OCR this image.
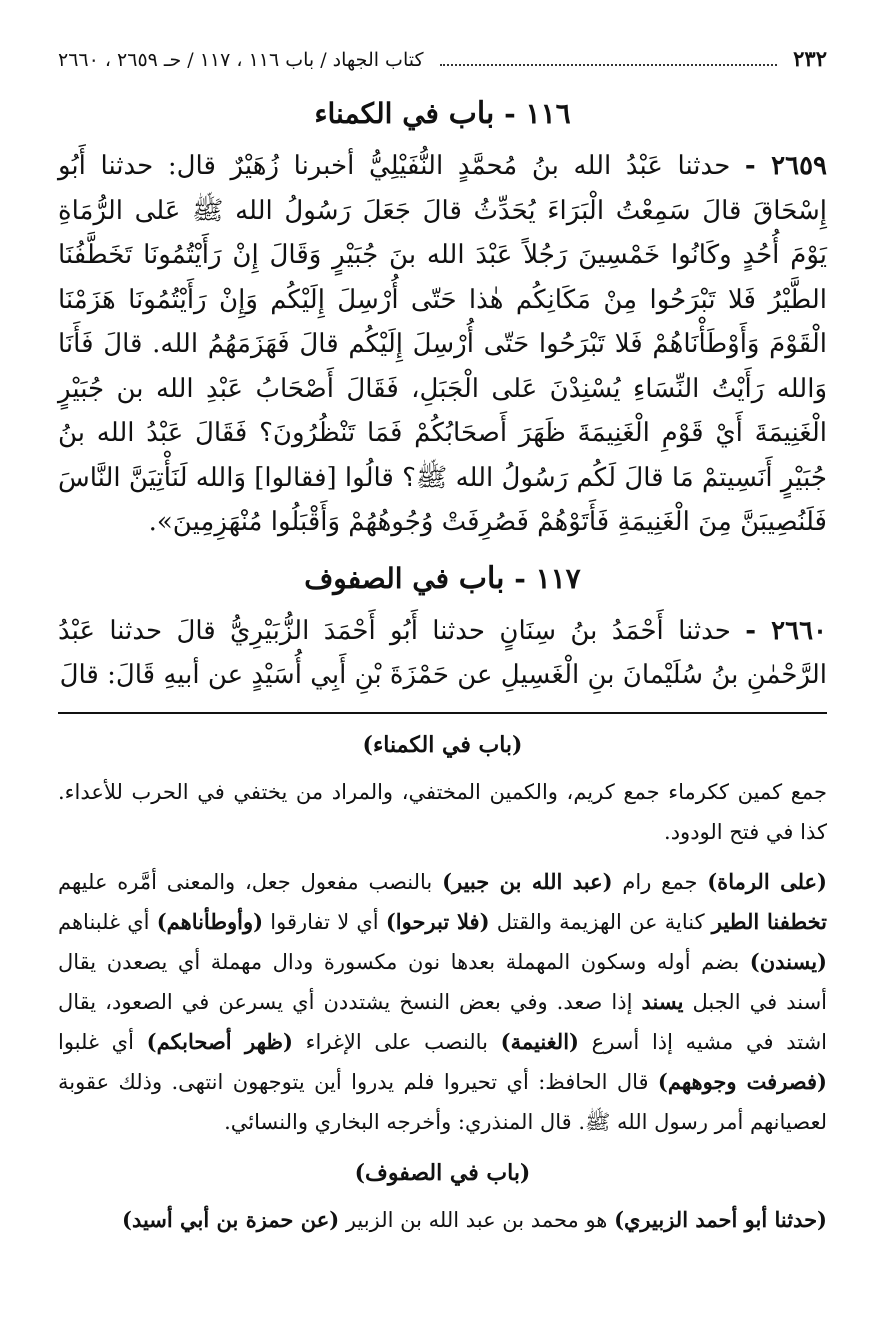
٢٣٢
كتاب الجهاد / باب ١١٦ ، ١١٧ / حـ ٢٦٥٩ ، ٢٦٦٠
١١٦ - باب في الكمناء

٢٦٥٩ - حدثنا عَبْدُ الله بنُ مُحمَّدٍ النُّفَيْلِيُّ أخبرنا زُهَيْرٌ قال: حدثنا أَبُو إِسْحَاقَ قالَ سَمِعْتُ الْبَرَاءَ يُحَدِّثُ قالَ جَعَلَ رَسُولُ الله ﷺ عَلى الرُّمَاةِ يَوْمَ أُحُدٍ وكَانُوا خَمْسِينَ رَجُلاً عَبْدَ الله بنَ جُبَيْرٍ وَقَالَ إِنْ رَأَيْتُمُونَا تَخَطَّفُنَا الطَّيْرُ فَلا تَبْرَحُوا مِنْ مَكَانِكُم هٰذا حَتّى أُرْسِلَ إِلَيْكُم وَإِنْ رَأَيْتُمُونَا هَزَمْنَا الْقَوْمَ وَأَوْطَأْنَاهُمْ فَلا تَبْرَحُوا حَتّى أُرْسِلَ إِلَيْكُم قالَ فَهَزَمَهُمُ الله. قالَ فَأَنَا وَالله رَأَيْتُ النِّسَاءِ يُسْنِدْنَ عَلى الْجَبَلِ، فَقَالَ أَصْحَابُ عَبْدِ الله بن جُبَيْرٍ الْغَنِيمَةَ أَيْ قَوْمِ الْغَنِيمَةَ ظَهَرَ أَصحَابُكُمْ فَمَا تَنْظُرُونَ؟ فَقَالَ عَبْدُ الله بنُ جُبَيْرٍ أَنَسِيتمْ مَا قالَ لَكُم رَسُولُ الله ﷺ؟ قالُوا [فقالوا] وَالله لَنَأْتِيَنَّ النَّاسَ فَلَنُصِيبَنَّ مِنَ الْغَنِيمَةِ فَأَتَوْهُمْ فَصُرِفَتْ وُجُوهُهُمْ وَأَقْبَلُوا مُنْهَزِمِينَ».

١١٧ - باب في الصفوف

٢٦٦٠ - حدثنا أَحْمَدُ بنُ سِنَانٍ حدثنا أَبُو أَحْمَدَ الزُّبَيْرِيُّ قالَ حدثنا عَبْدُ الرَّحْمٰنِ بنُ سُلَيْمانَ بنِ الْغَسِيلِ عن حَمْزَةَ بْنِ أَبِي أُسَيْدٍ عن أبيهِ قَالَ: قالَ

(باب في الكمناء)

جمع كمين ككرماء جمع كريم، والكمين المختفي، والمراد من يختفي في الحرب للأعداء. كذا في فتح الودود.

(على الرماة) جمع رام (عبد الله بن جبير) بالنصب مفعول جعل، والمعنى أمَّره عليهم تخطفنا الطير كناية عن الهزيمة والقتل (فلا تبرحوا) أي لا تفارقوا (وأوطأناهم) أي غلبناهم (يسندن) بضم أوله وسكون المهملة بعدها نون مكسورة ودال مهملة أي يصعدن يقال أسند في الجبل يسند إذا صعد. وفي بعض النسخ يشتددن أي يسرعن في الصعود، يقال اشتد في مشيه إذا أسرع (الغنيمة) بالنصب على الإغراء (ظهر أصحابكم) أي غلبوا (فصرفت وجوههم) قال الحافظ: أي تحيروا فلم يدروا أين يتوجهون انتهى. وذلك عقوبة لعصيانهم أمر رسول الله ﷺ. قال المنذري: وأخرجه البخاري والنسائي.

(باب في الصفوف)

(حدثنا أبو أحمد الزبيري) هو محمد بن عبد الله بن الزبير (عن حمزة بن أبي أسيد)
